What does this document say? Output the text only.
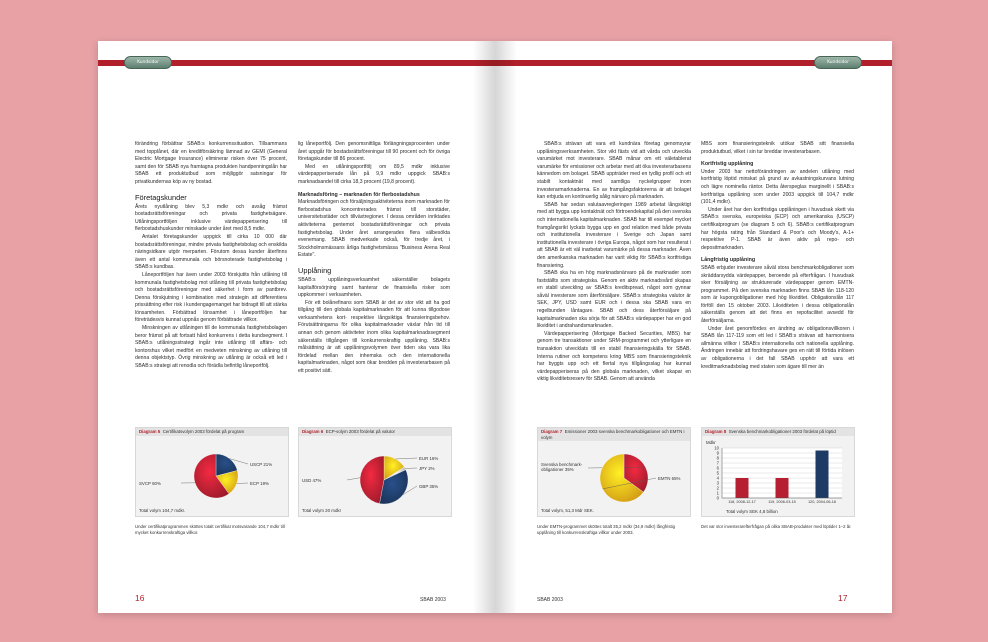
Kundsidor

förändring förbättrar SBAB:s konkurrenssituation. Tillsammans med topplånet, där en kreditförsäkring lämnad av GEMI (General Electric Mortgage Insurance) eliminerar risken över 75 procent, samt den för SBAB nya framtagna produkten handpenningslån har SBAB ett produktutbud som möjliggör satsningar för privatkundernas köp av ny bostad.

Företagskunder

Årets nyutlåning blev 5,3 mdkr och avsåg främst bostadsrättsföreningar och privata fastighetsägare. Utlåningsportföljen inklusive värdepapperisering till flerbostadshuskunder minskade under året med 8,5 mdkr.

Antalet företagskunder uppgick till cirka 10 000 där bostadsrättsföreningar, mindre privata fastighetsbolag och enskilda näringsidkare utgör merparten. Förutom dessa kunder återfinns även ett antal kommunala och börsnoterade fastighetsbolag i SBAB:s kundbas.

Låneportföljen har även under 2003 förskjutits från utlåning till kommunala fastighetsbolag mot utlåning till privata fastighetsbolag och bostadsrättsföreningar med säkerhet i form av pantbrev. Denna förskjutning i kombination med strategin att differentiera prissättning efter risk i kundengagemanget har bidragit till att stärka lönsamheten. Förbättrad lönsamhet i låneportföljen har företrädesvis kunnat uppnås genom förbättrade villkor.

Minskningen av utlåningen till de kommunala fastighetsbolagen beror främst på att fortsatt hård konkurrens i detta kundsegment. I SBAB:s utlåningsstrategi ingår inte utlåning till affärs- och kontorshus vilket medfört en medveten minskning av utlåning till denna objektstyp. Övrig minskning av utlåning är också ett led i SBAB:s strategi att renodla och förädla befintlig låneportfölj.

lig låneportfölj. Den genomsnittliga förlängningsprocenten under året uppgår för bostadsrättsföreningar till 90 procent och för övriga företagskunder till 86 procent.

Med en utlåningsportfölj om 89,5 mdkr inklusive värdepapperiserade lån på 9,9 mdkr uppgick SBAB:s marknadsandel till cirka 18,3 procent (19,8 procent).

Marknadsföring – marknaden för flerbostadshus

Marknadsföringen och försäljningsaktiviteterna inom marknaden för flerbostadshus koncentrerades främst till storstäder, universitetsstäder och tillväxtregioner. I dessa områden inriktades aktiviteterna gentemot bostadsrättsföreningar och privata fastighetsbolag. Under året arrangerades flera välbesökta evenemang. SBAB medverkade också, för tredje året, i Stockholmsmässans årliga fastighetsmässa "Business Arena Real Estate".

Upplåning

SBAB:s upplåningsverksamhet säkerställer bolagets kapitalförsörjning samt hanterar de finansiella risker som uppkommer i verksamheten.

För ett bolånefinans som SBAB är det av stor vikt att ha god tillgång till den globala kapitalmarknaden för att kunna tillgodose verksamhetens kort- respektive långsiktiga finansieringsbehov. Förutsättningarna för olika kapitalmarknader växlar från tid till annan och genom aktiviteter inom olika kapitalmarknadssegment säkerställs tillgången till konkurrenskraftig upplåning. SBAB:s målsättning är att upplåningsvolymen över tiden ska vara lika fördelad mellan den inhemska och den internationella kapitalmarknaden, något som ökar bredden på investerarbasen på ett positivt sätt.

Diagram 5 Certifikatsvolym 2003 fördelat på program
USCP 21%
ECP 19%
SVCP 60%
Total volym 104,7 mdkr.
Under certifikatprogrammen sköttes totalt certifikat motsvarande 104,7 mdkr till mycket konkurrenskraftiga villkor.
Diagram 6 ECP-volym 2003 fördelat på valutor
EUR 16%
JPY 2%
GBP 35%
USD 47%
Total volym 20 mdkr
16	SBAB 2003
Kundsidor

SBAB:s strävan att vara ett kundnära företag genomsyrar upplåningsverksamheten. Stor vikt fästs vid att vårda och utveckla varumärket mot investerare. SBAB månar om ett väletablerat varumärke för emissioner och arbetar med att öka investerarbasens kännedom om bolaget. SBAB uppträder med en tydlig profil och ett stabilt kontaktnät med samtliga nyckelgrupper inom investerarmarknaderna. En av framgångsfaktorerna är att bolaget kan erbjuda en kontinuerlig sålig närvaro på marknaden.

SBAB har sedan valutaavregleringen 1989 arbetat långsiktigt med att bygga upp kontaktnät och förtroendekapital på den svenska och internationella kapitalmarknaden. SBAB har till exempel mycket framgångsrikt lyckats bygga upp en god relation med både privata och institutionella investerare i Sverige och Japan samt institutionella investerare i övriga Europa, något som har resulterat i att SBAB är ett väl inarbetat varumärke på dessa marknader. Även den amerikanska marknaden har varit viktig för SBAB:s kortfristiga finansiering.

SBAB ska ha en hög marknadsnärvaro på de marknader som fastställts som strategiska. Genom en aktiv marknadsvård skapas en stabil utveckling av SBAB:s kreditspread, något som gynnar såväl investerare som återförsäljare. SBAB:s strategiska valutor är SEK, JPY, USD samt EUR och i dessa ska SBAB vara en regelbunden låntagare. SBAB och dess återförsäljare på kapitalmarknaden ska sörja för att SBAB:s värdepapper har en god likviditet i andrahandsmarknaden.

Värdepapperisering (Mortgage Backed Securities, MBS) har genom tre transaktioner under SRM-programmet och ytterligare en transaktion utvecklats till en stabil finansieringskälla för SBAB. Interna rutiner och kompetens kring MBS som finansieringsteknik har byggts upp och ett flertal nya tillgångsslag har kunnat värdepapperiseras på den globala marknaden, vilket skapar en viktig likviditetsreserv för SBAB. Genom att använda

MBS som finansieringsteknik utökar SBAB sitt finansiella produktutbud, vilket i sin tur breddar investerarbasen.

Kortfristig upplåning

Under 2003 har nettoförändringen av andelen utlåning med kortfristig löptid minskat på grund av avkastningskurvans lutning och lägre nominella räntor. Detta återspeglas marginellt i SBAB:s kortfristiga upplåning som under 2003 uppgick till 104,7 mdkr (101,4 mdkr).

Under året har den kortfristiga upplåningen i huvudsak skett via SBAB:s svenska, europeiska (ECP) och amerikanska (USCP) certifikatprogram (se diagram 5 och 6). SBAB:s certifikatprogram har högsta rating från Standard & Poor's och Moody's, A-1+ respektive P-1. SBAB är även aktiv på repo- och depositmarknaden.

Långfristig upplåning

SBAB erbjuder investerare såväl stora benchmarkobligationer som skräddarsydda värdepapper, beroende på efterfrågan. I huvudsak sker försäljning av strukturerade värdepapper genom EMTN-programmet. På den svenska marknaden finns SBAB lån 118-120 som är kupongobligationer med hög likviditet. Obligationslån 117 förföll den 15 oktober 2003. Likviditeten i dessa obligationslån säkerställs genom att det finns en repofacilitet avsedd för återförsäljarna.

Under året genomfördes en ändring av obligationsvillkoren i SBAB lån 117-119 som ett led i SBAB:s strävan att harmonisera allmänna villkor i SBAB:s internationella och nationella upplåning. Ändringen innebär att fordringshavare ges en rätt till förtida inlösen av obligationerna i det fall SBAB upphör att vara ett kreditmarknadsbolag med staten som ägare till mer än

Diagram 7 Emissioner 2003 svenska benchmarkobligationer och EMTN i volym
Svenska benchmark-obligationer 35%
EMTN 65%
Total volym, 51,3 Mdr SEK.
Under EMTN-programmet sköttes totalt 35,2 mdkr (34,9 mdkr) långfristig upplåning till konkurrenskraftiga villkor under 2003.
Diagram 8 Svenska benchmarkobligationer 2003 fördelat på löptid
Mdkr
0
1
2
3
4
5
6
7
8
9
10
118, 2008-12-17	119, 2006-03-15	120, 2004-06-16
Total volym SEK 4,8 billion
Det var stor investerarefterfrågan på olika SBAB-produkter med löptider 1–2 år.
SBAB 2003	17
